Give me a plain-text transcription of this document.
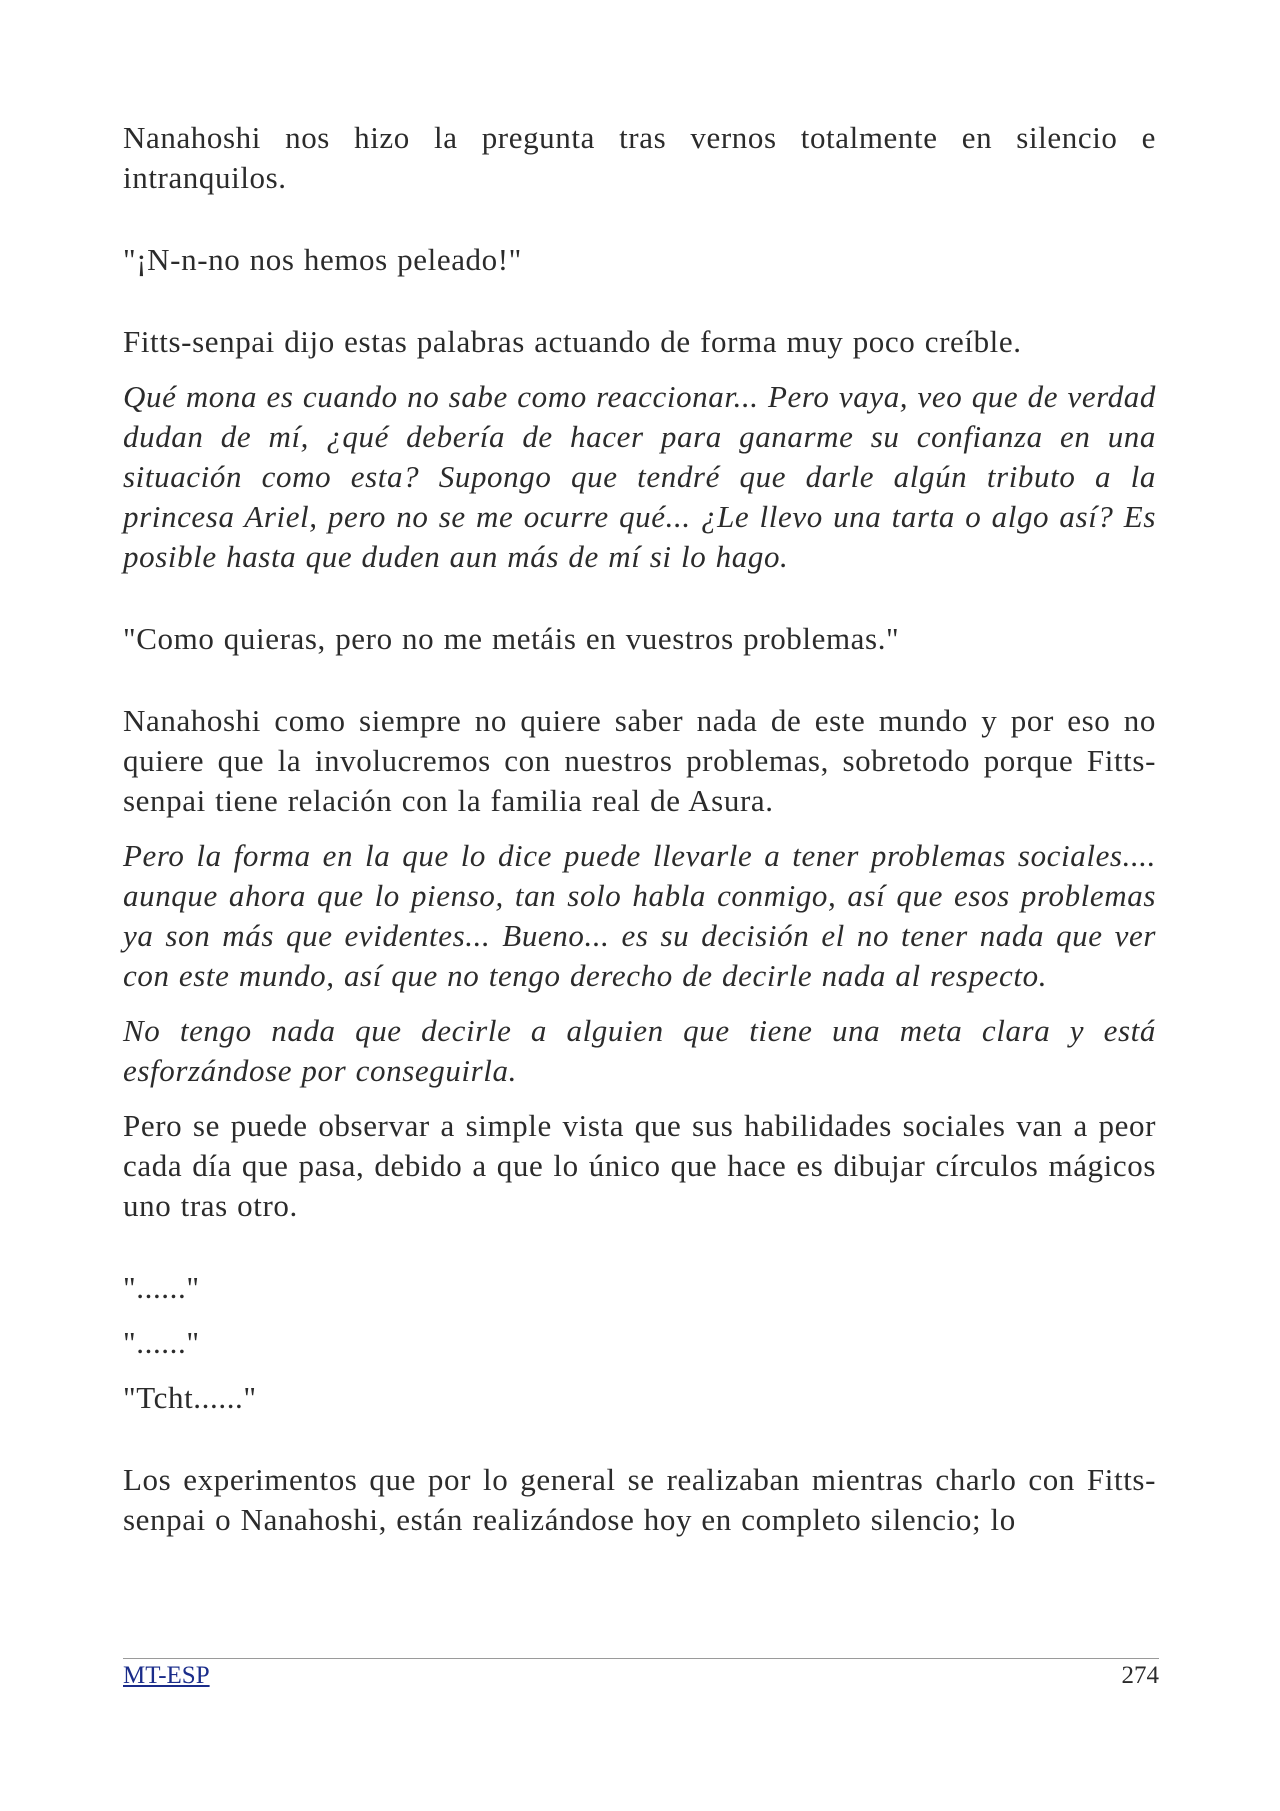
Nanahoshi nos hizo la pregunta tras vernos totalmente en silencio e intranquilos.

"¡N-n-no nos hemos peleado!"

Fitts-senpai dijo estas palabras actuando de forma muy poco creíble.

Qué mona es cuando no sabe como reaccionar... Pero vaya, veo que de verdad dudan de mí, ¿qué debería de hacer para ganarme su confianza en una situación como esta? Supongo que tendré que darle algún tributo a la princesa Ariel, pero no se me ocurre qué... ¿Le llevo una tarta o algo así? Es posible hasta que duden aun más de mí si lo hago.

"Como quieras, pero no me metáis en vuestros problemas."

Nanahoshi como siempre no quiere saber nada de este mundo y por eso no quiere que la involucremos con nuestros problemas, sobretodo porque Fitts-senpai tiene relación con la familia real de Asura.

Pero la forma en la que lo dice puede llevarle a tener problemas sociales.... aunque ahora que lo pienso, tan solo habla conmigo, así que esos problemas ya son más que evidentes... Bueno... es su decisión el no tener nada que ver con este mundo, así que no tengo derecho de decirle nada al respecto.

No tengo nada que decirle a alguien que tiene una meta clara y está esforzándose por conseguirla.

Pero se puede observar a simple vista que sus habilidades sociales van a peor cada día que pasa, debido a que lo único que hace es dibujar círculos mágicos uno tras otro.

"......"

"......"

"Tcht......"

Los experimentos que por lo general se realizaban mientras charlo con Fitts-senpai o Nanahoshi, están realizándose hoy en completo silencio; lo

MT-ESP	274
